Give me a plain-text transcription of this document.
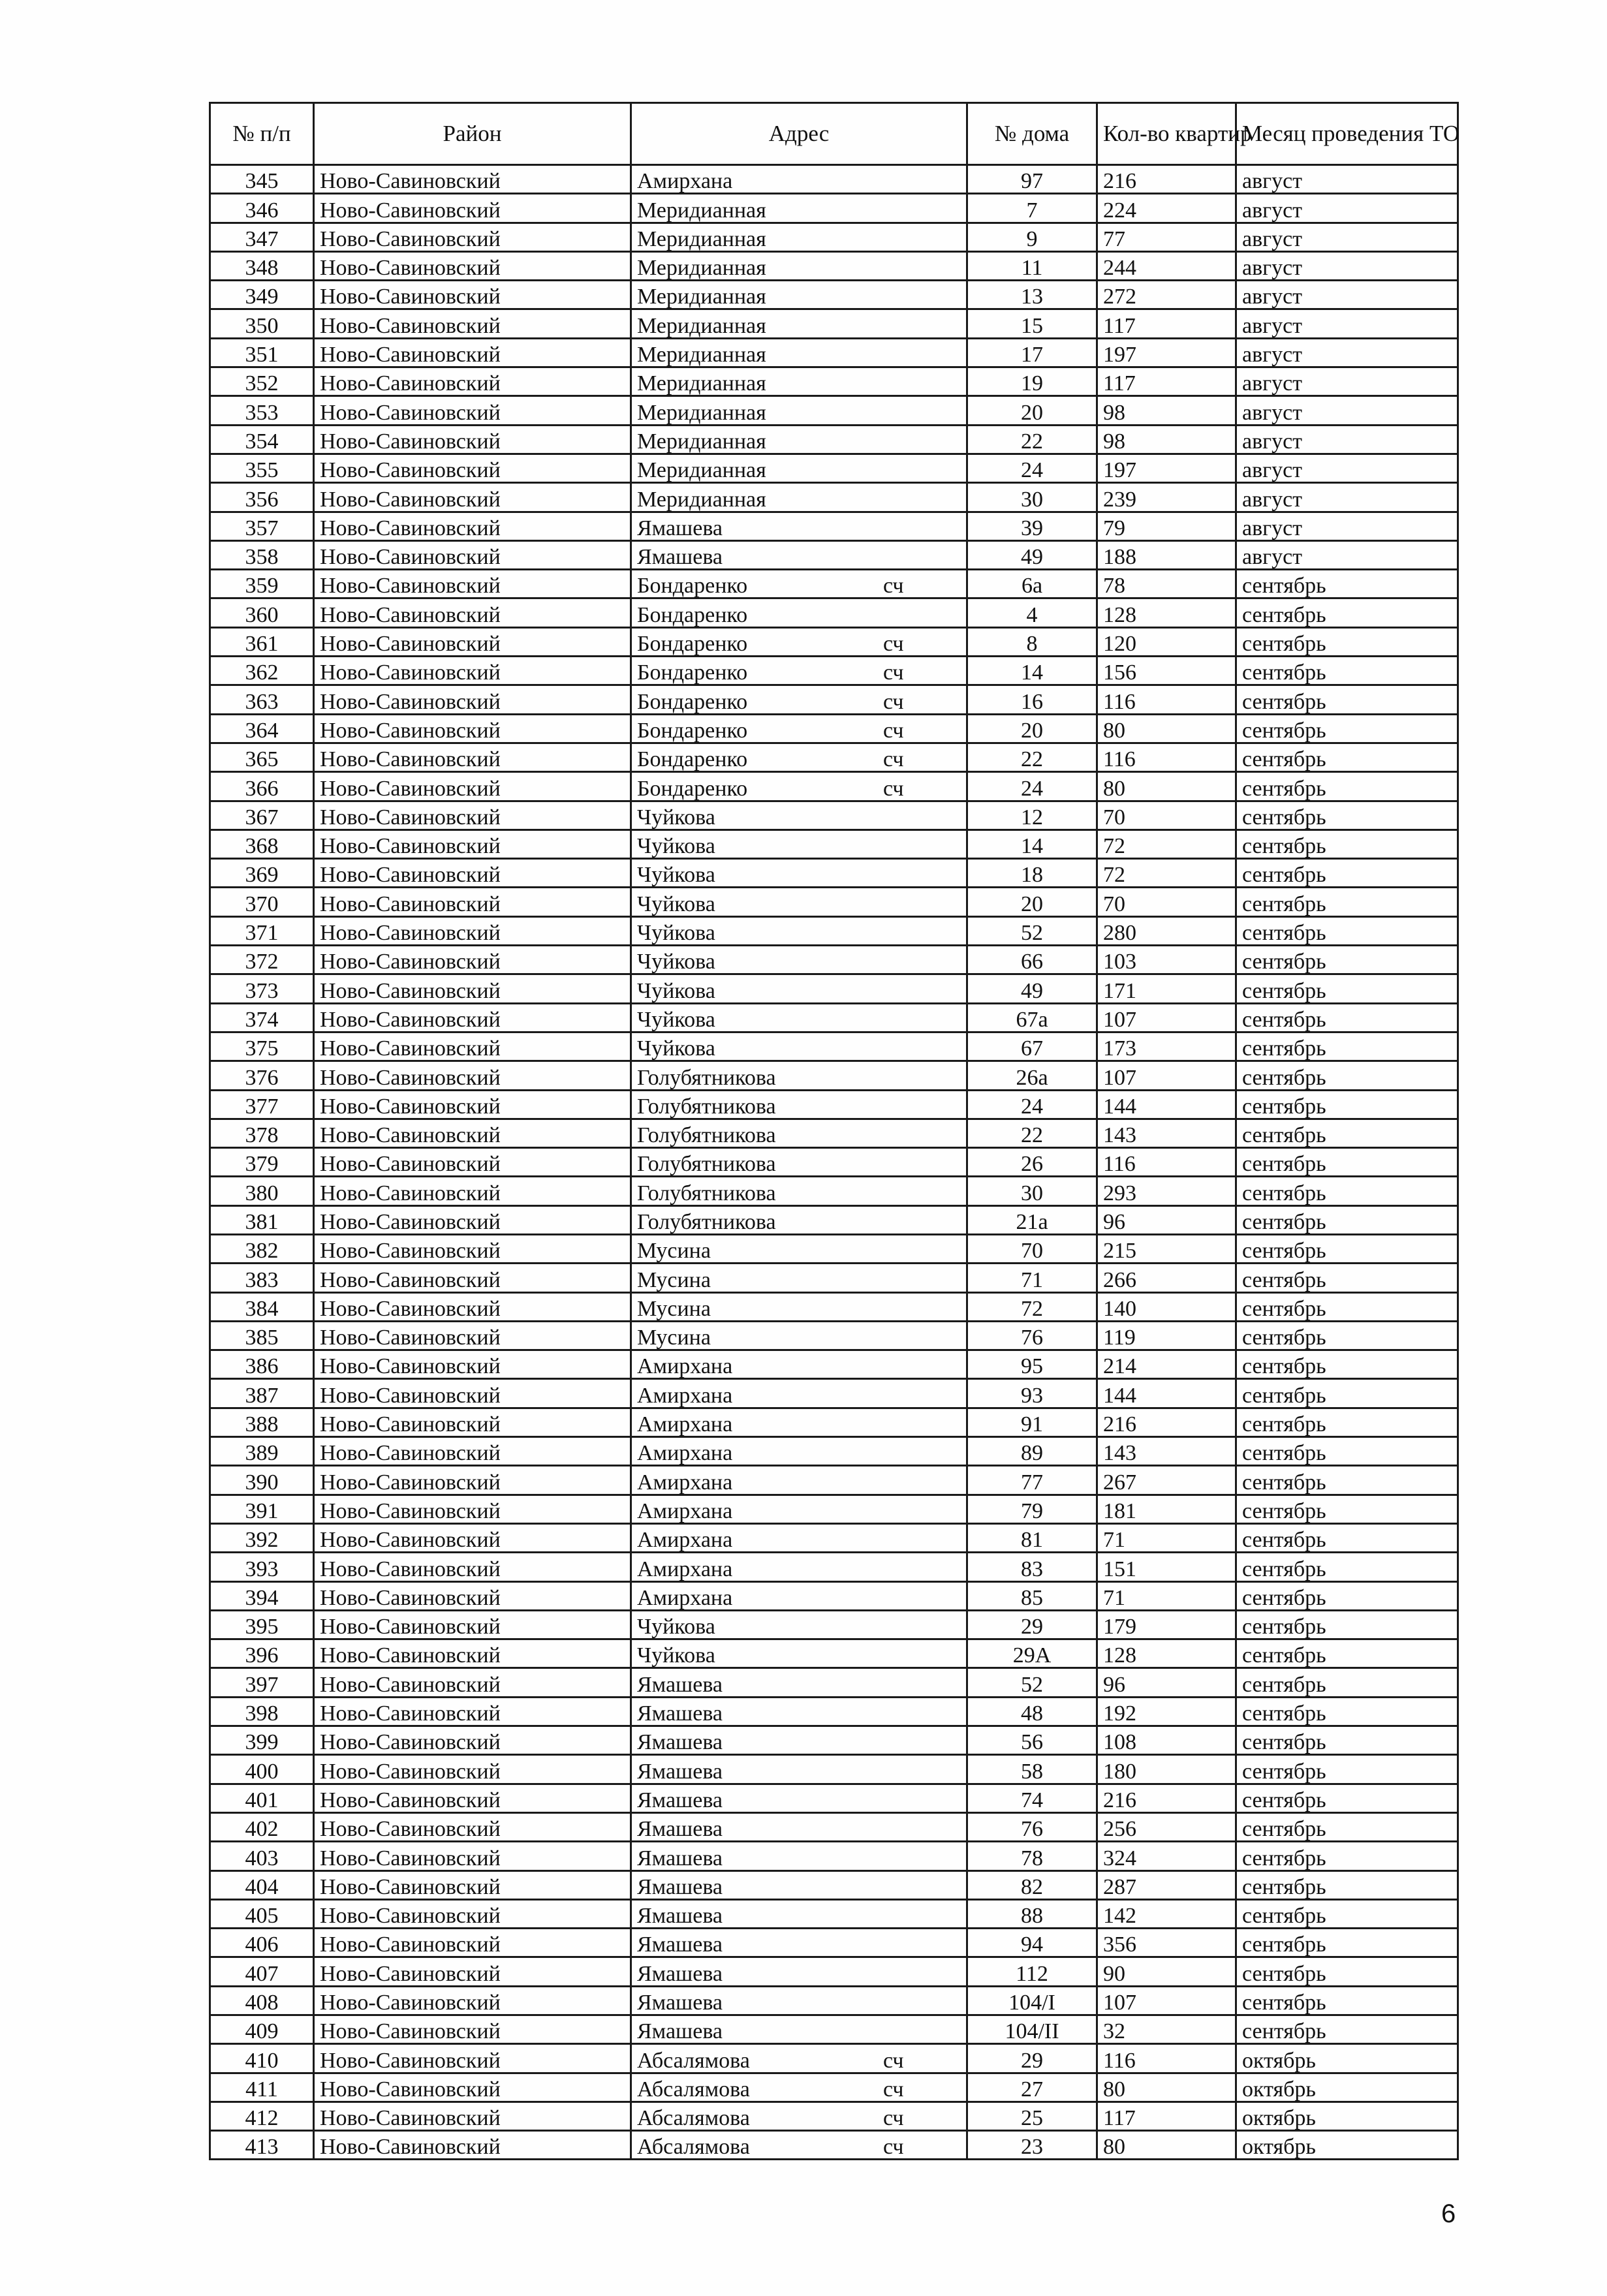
№ п/п	Район	Адрес	№ дома	Кол-во квартир	Месяц проведения ТО
345	Ново-Савиновский	Амирхана	97	216	август
346	Ново-Савиновский	Меридианная	7	224	август
347	Ново-Савиновский	Меридианная	9	77	август
348	Ново-Савиновский	Меридианная	11	244	август
349	Ново-Савиновский	Меридианная	13	272	август
350	Ново-Савиновский	Меридианная	15	117	август
351	Ново-Савиновский	Меридианная	17	197	август
352	Ново-Савиновский	Меридианная	19	117	август
353	Ново-Савиновский	Меридианная	20	98	август
354	Ново-Савиновский	Меридианная	22	98	август
355	Ново-Савиновский	Меридианная	24	197	август
356	Ново-Савиновский	Меридианная	30	239	август
357	Ново-Савиновский	Ямашева	39	79	август
358	Ново-Савиновский	Ямашева	49	188	август
359	Ново-Савиновский	Бондаренко сч	6а	78	сентябрь
360	Ново-Савиновский	Бондаренко	4	128	сентябрь
361	Ново-Савиновский	Бондаренко сч	8	120	сентябрь
362	Ново-Савиновский	Бондаренко сч	14	156	сентябрь
363	Ново-Савиновский	Бондаренко сч	16	116	сентябрь
364	Ново-Савиновский	Бондаренко сч	20	80	сентябрь
365	Ново-Савиновский	Бондаренко сч	22	116	сентябрь
366	Ново-Савиновский	Бондаренко сч	24	80	сентябрь
367	Ново-Савиновский	Чуйкова	12	70	сентябрь
368	Ново-Савиновский	Чуйкова	14	72	сентябрь
369	Ново-Савиновский	Чуйкова	18	72	сентябрь
370	Ново-Савиновский	Чуйкова	20	70	сентябрь
371	Ново-Савиновский	Чуйкова	52	280	сентябрь
372	Ново-Савиновский	Чуйкова	66	103	сентябрь
373	Ново-Савиновский	Чуйкова	49	171	сентябрь
374	Ново-Савиновский	Чуйкова	67а	107	сентябрь
375	Ново-Савиновский	Чуйкова	67	173	сентябрь
376	Ново-Савиновский	Голубятникова	26а	107	сентябрь
377	Ново-Савиновский	Голубятникова	24	144	сентябрь
378	Ново-Савиновский	Голубятникова	22	143	сентябрь
379	Ново-Савиновский	Голубятникова	26	116	сентябрь
380	Ново-Савиновский	Голубятникова	30	293	сентябрь
381	Ново-Савиновский	Голубятникова	21а	96	сентябрь
382	Ново-Савиновский	Мусина	70	215	сентябрь
383	Ново-Савиновский	Мусина	71	266	сентябрь
384	Ново-Савиновский	Мусина	72	140	сентябрь
385	Ново-Савиновский	Мусина	76	119	сентябрь
386	Ново-Савиновский	Амирхана	95	214	сентябрь
387	Ново-Савиновский	Амирхана	93	144	сентябрь
388	Ново-Савиновский	Амирхана	91	216	сентябрь
389	Ново-Савиновский	Амирхана	89	143	сентябрь
390	Ново-Савиновский	Амирхана	77	267	сентябрь
391	Ново-Савиновский	Амирхана	79	181	сентябрь
392	Ново-Савиновский	Амирхана	81	71	сентябрь
393	Ново-Савиновский	Амирхана	83	151	сентябрь
394	Ново-Савиновский	Амирхана	85	71	сентябрь
395	Ново-Савиновский	Чуйкова	29	179	сентябрь
396	Ново-Савиновский	Чуйкова	29А	128	сентябрь
397	Ново-Савиновский	Ямашева	52	96	сентябрь
398	Ново-Савиновский	Ямашева	48	192	сентябрь
399	Ново-Савиновский	Ямашева	56	108	сентябрь
400	Ново-Савиновский	Ямашева	58	180	сентябрь
401	Ново-Савиновский	Ямашева	74	216	сентябрь
402	Ново-Савиновский	Ямашева	76	256	сентябрь
403	Ново-Савиновский	Ямашева	78	324	сентябрь
404	Ново-Савиновский	Ямашева	82	287	сентябрь
405	Ново-Савиновский	Ямашева	88	142	сентябрь
406	Ново-Савиновский	Ямашева	94	356	сентябрь
407	Ново-Савиновский	Ямашева	112	90	сентябрь
408	Ново-Савиновский	Ямашева	104/I	107	сентябрь
409	Ново-Савиновский	Ямашева	104/II	32	сентябрь
410	Ново-Савиновский	Абсалямова сч	29	116	октябрь
411	Ново-Савиновский	Абсалямова сч	27	80	октябрь
412	Ново-Савиновский	Абсалямова сч	25	117	октябрь
413	Ново-Савиновский	Абсалямова сч	23	80	октябрь
6
